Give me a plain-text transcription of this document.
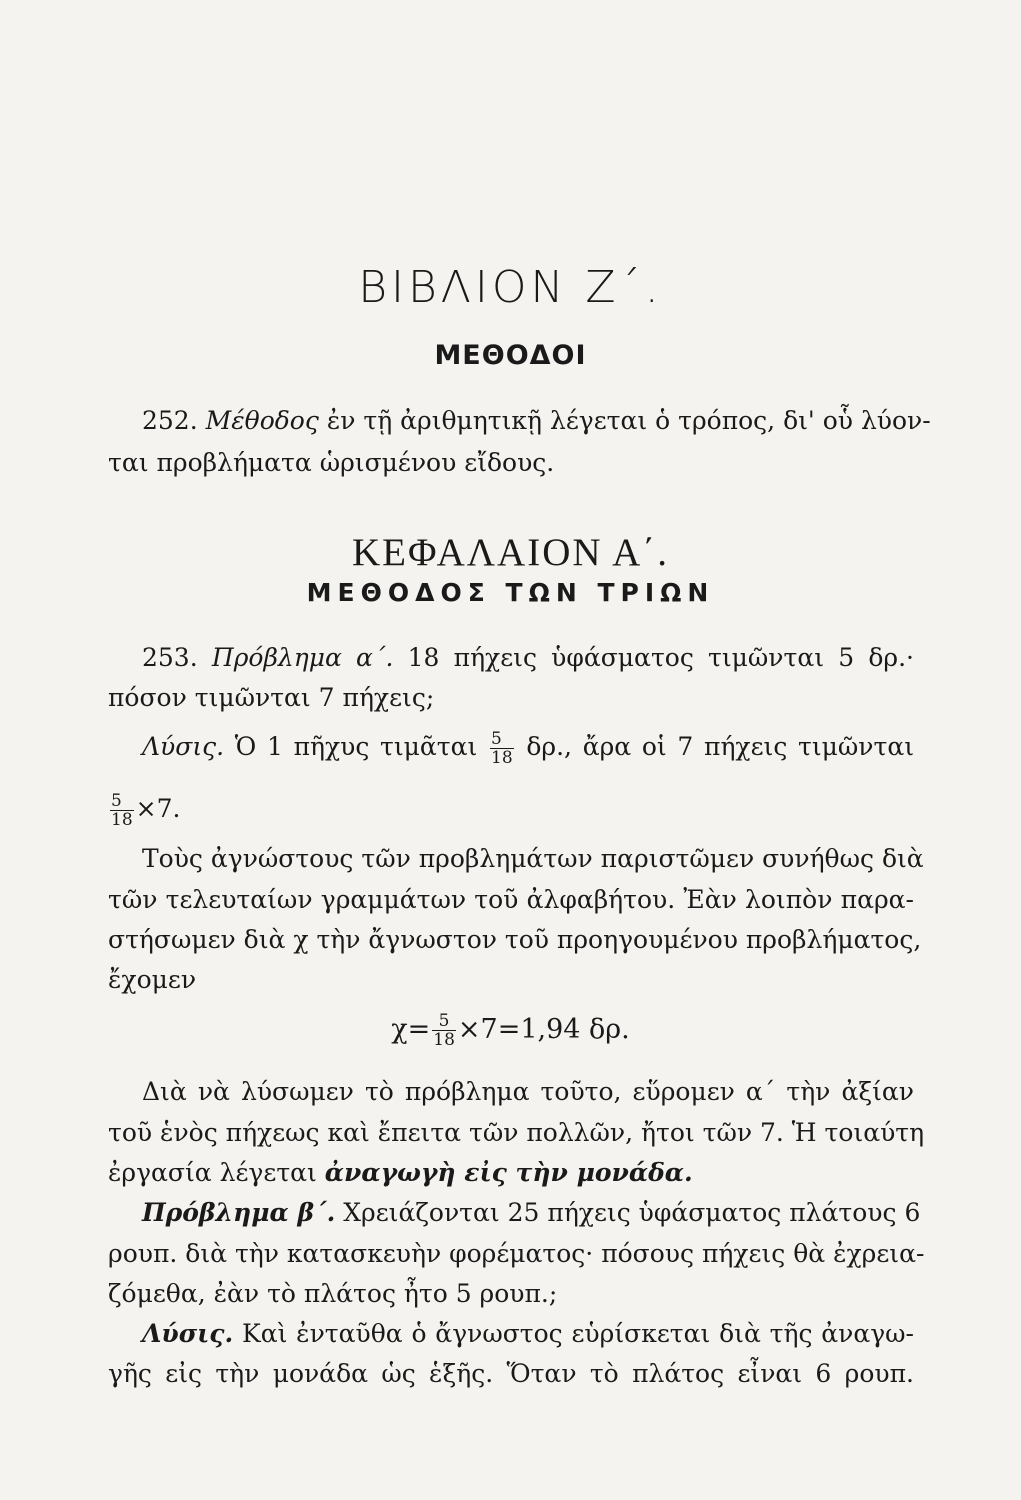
ΒΙΒΛΙΟΝ Ζ΄.
ΜΕΘΟΔΟΙ
252. Μέθοδος ἐν τῇ ἀριθμητικῇ λέγεται ὁ τρόπος, δι' οὗ λύον-
ται προβλήματα ὡρισμένου εἴδους.
ΚΕΦΑΛΑΙΟΝ Α΄.
ΜΕΘΟΔΟΣ ΤΩΝ ΤΡΙΩΝ
253. Πρόβλημα α΄. 18 πήχεις ὑφάσματος τιμῶνται 5 δρ.·
πόσον τιμῶνται 7 πήχεις;
Λύσις. Ὁ 1 πῆχυς τιμᾶται $\frac{5}{18} \delta\rho$., ἄρα οἱ 7 πήχεις τιμῶνται
$\frac{5}{18} \times 7$.
Τοὺς ἀγνώστους τῶν προβλημάτων παριστῶμεν συνήθως διὰ
τῶν τελευταίων γραμμάτων τοῦ ἀλφαβήτου. Ἐὰν λοιπὸν παρα-
στήσωμεν διὰ χ τὴν ἄγνωστον τοῦ προηγουμένου προβλήματος,
ἔχομεν
$\chi= \frac{5}{18} \times 7=1,94$ δρ.
Διὰ νὰ λύσωμεν τὸ πρόβλημα τοῦτο, εὕρομεν α΄ τὴν ἀξίαν
τοῦ ἑνὸς πήχεως καὶ ἔπειτα τῶν πολλῶν, ἤτοι τῶν 7. Ἡ τοιαύτη
ἐργασία λέγεται ἀναγωγὴ εἰς τὴν μονάδα.
Πρόβλημα β΄. Χρειάζονται 25 πήχεις ὑφάσματος πλάτους 6
ρουπ. διὰ τὴν κατασκευὴν φορέματος· πόσους πήχεις θὰ ἐχρεια-
ζόμεθα, ἐὰν τὸ πλάτος ἦτο 5 ρουπ.;
Λύσις. Καὶ ἐνταῦθα ὁ ἄγνωστος εὑρίσκεται διὰ τῆς ἀναγω-
γῆς εἰς τὴν μονάδα ὡς ἑξῆς. Ὅταν τὸ πλάτος εἶναι 6 ρουπ.
